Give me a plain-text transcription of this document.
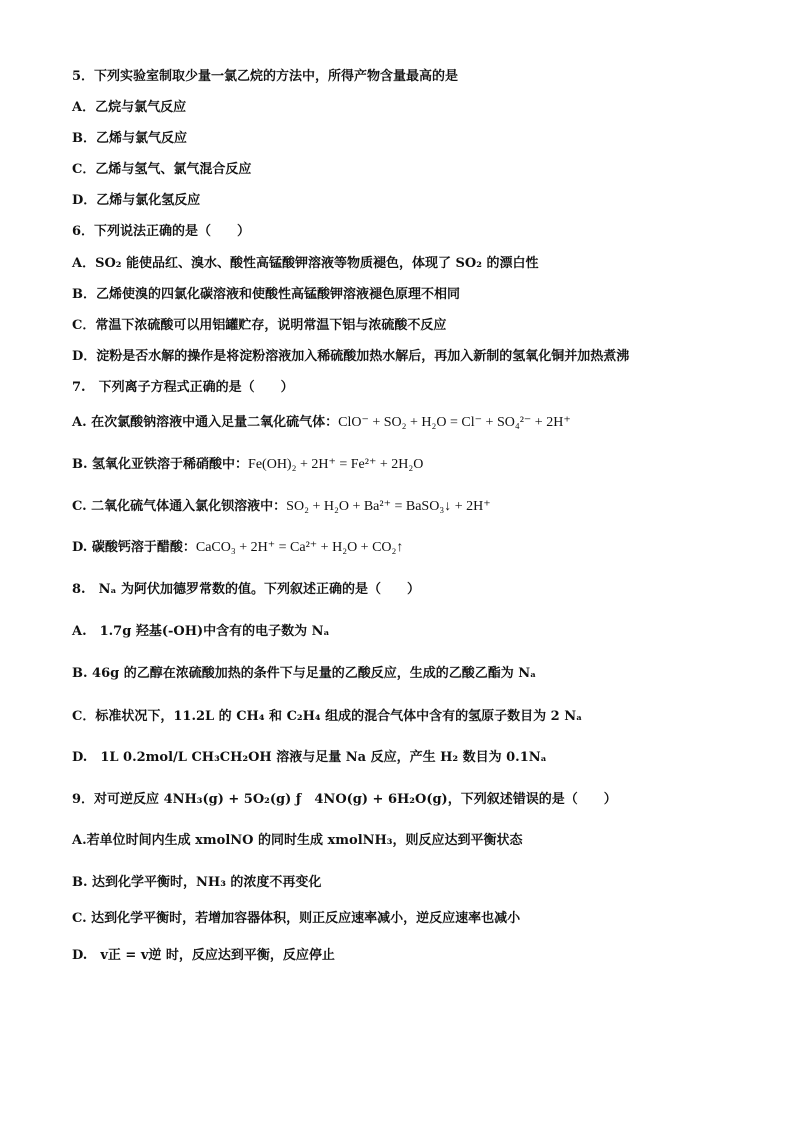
5．下列实验室制取少量一氯乙烷的方法中，所得产物含量最高的是
A．乙烷与氯气反应
B．乙烯与氯气反应
C．乙烯与氢气、氯气混合反应
D．乙烯与氯化氢反应
6．下列说法正确的是（　　）
A．SO₂ 能使品红、溴水、酸性高锰酸钾溶液等物质褪色，体现了 SO₂ 的漂白性
B．乙烯使溴的四氯化碳溶液和使酸性高锰酸钾溶液褪色原理不相同
C．常温下浓硫酸可以用铝罐贮存，说明常温下铝与浓硫酸不反应
D．淀粉是否水解的操作是将淀粉溶液加入稀硫酸加热水解后，再加入新制的氢氧化铜并加热煮沸
7.　下列离子方程式正确的是（　　）
A. 在次氯酸钠溶液中通入足量二氧化硫气体：ClO⁻ + SO₂ + H₂O = Cl⁻ + SO₄²⁻ + 2H⁺
B. 氢氧化亚铁溶于稀硝酸中：Fe(OH)₂ + 2H⁺ = Fe²⁺ + 2H₂O
C. 二氧化硫气体通入氯化钡溶液中：SO₂ + H₂O + Ba²⁺ = BaSO₃↓ + 2H⁺
D. 碳酸钙溶于醋酸：CaCO₃ + 2H⁺ = Ca²⁺ + H₂O + CO₂↑
8.　Nₐ 为阿伏加德罗常数的值。下列叙述正确的是（　　）
A.　1.7g 羟基(-OH)中含有的电子数为 Nₐ
B. 46g 的乙醇在浓硫酸加热的条件下与足量的乙酸反应，生成的乙酸乙酯为 Nₐ
C．标准状况下，11.2L 的 CH₄ 和 C₂H₄ 组成的混合气体中含有的氢原子数目为 2 Nₐ
D.　1L 0.2mol/L CH₃CH₂OH 溶液与足量 Na 反应，产生 H₂ 数目为 0.1Nₐ
9．对可逆反应 4NH₃(g) + 5O₂(g) ƒ　4NO(g) + 6H₂O(g)，下列叙述错误的是（　　）
A.若单位时间内生成 xmolNO 的同时生成 xmolNH₃，则反应达到平衡状态
B. 达到化学平衡时，NH₃ 的浓度不再变化
C. 达到化学平衡时，若增加容器体积，则正反应速率减小，逆反应速率也减小
D.　v正 = v逆 时，反应达到平衡，反应停止
